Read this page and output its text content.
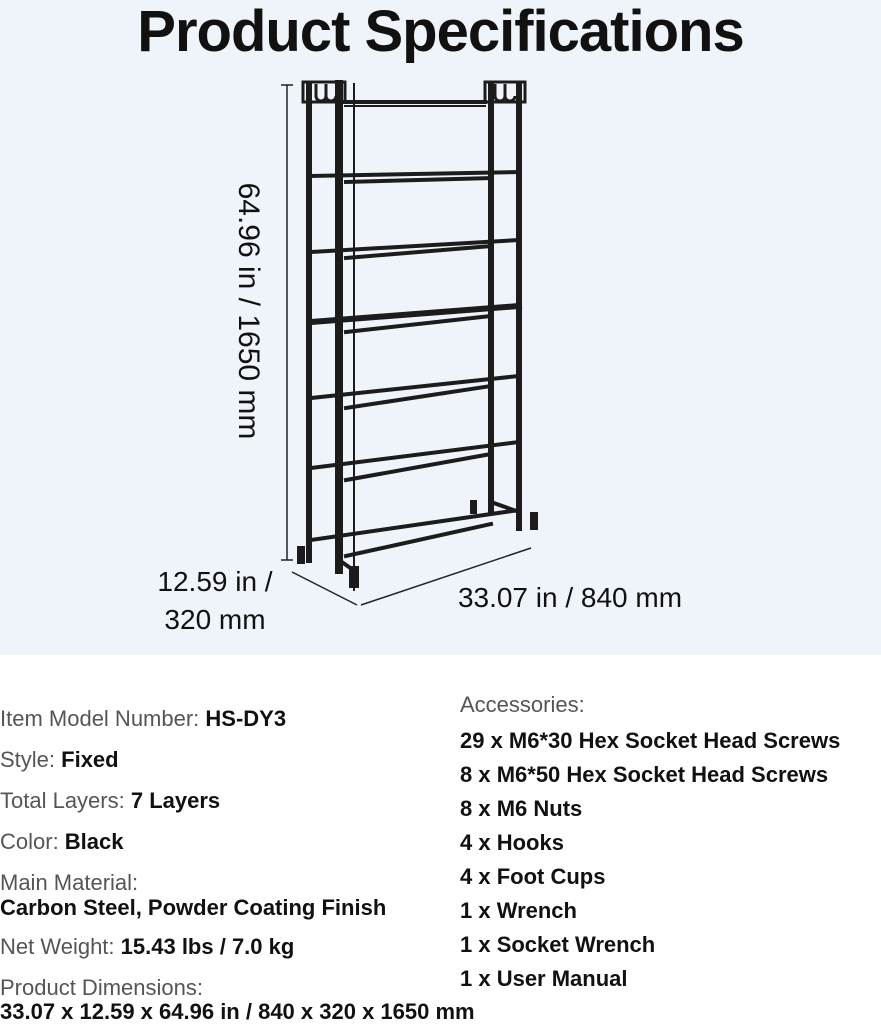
Product Specifications
64.96 in / 1650 mm
12.59 in /
320 mm
33.07 in / 840 mm
Item Model Number: HS-DY3
Style: Fixed
Total Layers: 7 Layers
Color: Black
Main Material:
Carbon Steel, Powder Coating Finish
Net Weight: 15.43 lbs / 7.0 kg
Product Dimensions:
33.07 x 12.59 x 64.96 in / 840 x 320 x 1650 mm
Accessories:
29 x M6*30 Hex Socket Head Screws
8 x M6*50 Hex Socket Head Screws
8 x M6 Nuts
4 x Hooks
4 x Foot Cups
1 x Wrench
1 x Socket Wrench
1 x User Manual
